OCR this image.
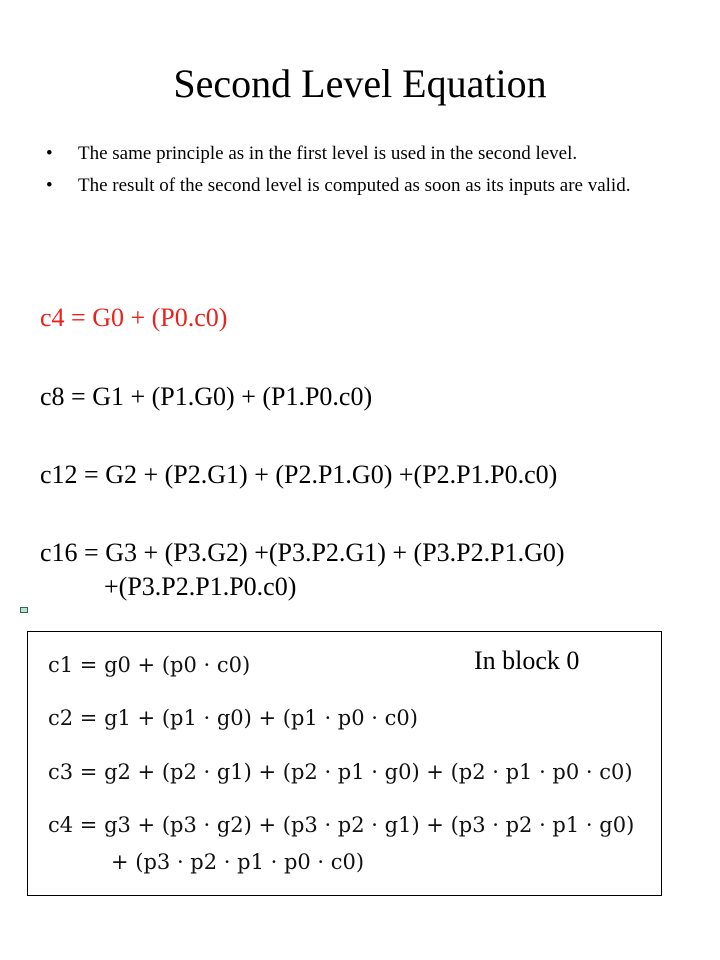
Second Level Equation
• The same principle as in the first level is used in the second level.
• The result of the second level is computed as soon as its inputs are valid.
c4 = G0 + (P0.c0)
c8 = G1 + (P1.G0) + (P1.P0.c0)
c12 = G2 + (P2.G1) + (P2.P1.G0) +(P2.P1.P0.c0)
c16 = G3 + (P3.G2) +(P3.P2.G1) + (P3.P2.P1.G0)
+(P3.P2.P1.P0.c0)
In block 0
c1 = g0 + (p0 · c0)
c2 = g1 + (p1 · g0) + (p1 · p0 · c0)
c3 = g2 + (p2 · g1) + (p2 · p1 · g0) + (p2 · p1 · p0 · c0)
c4 = g3 + (p3 · g2) + (p3 · p2 · g1) + (p3 · p2 · p1 · g0)
+ (p3 · p2 · p1 · p0 · c0)
